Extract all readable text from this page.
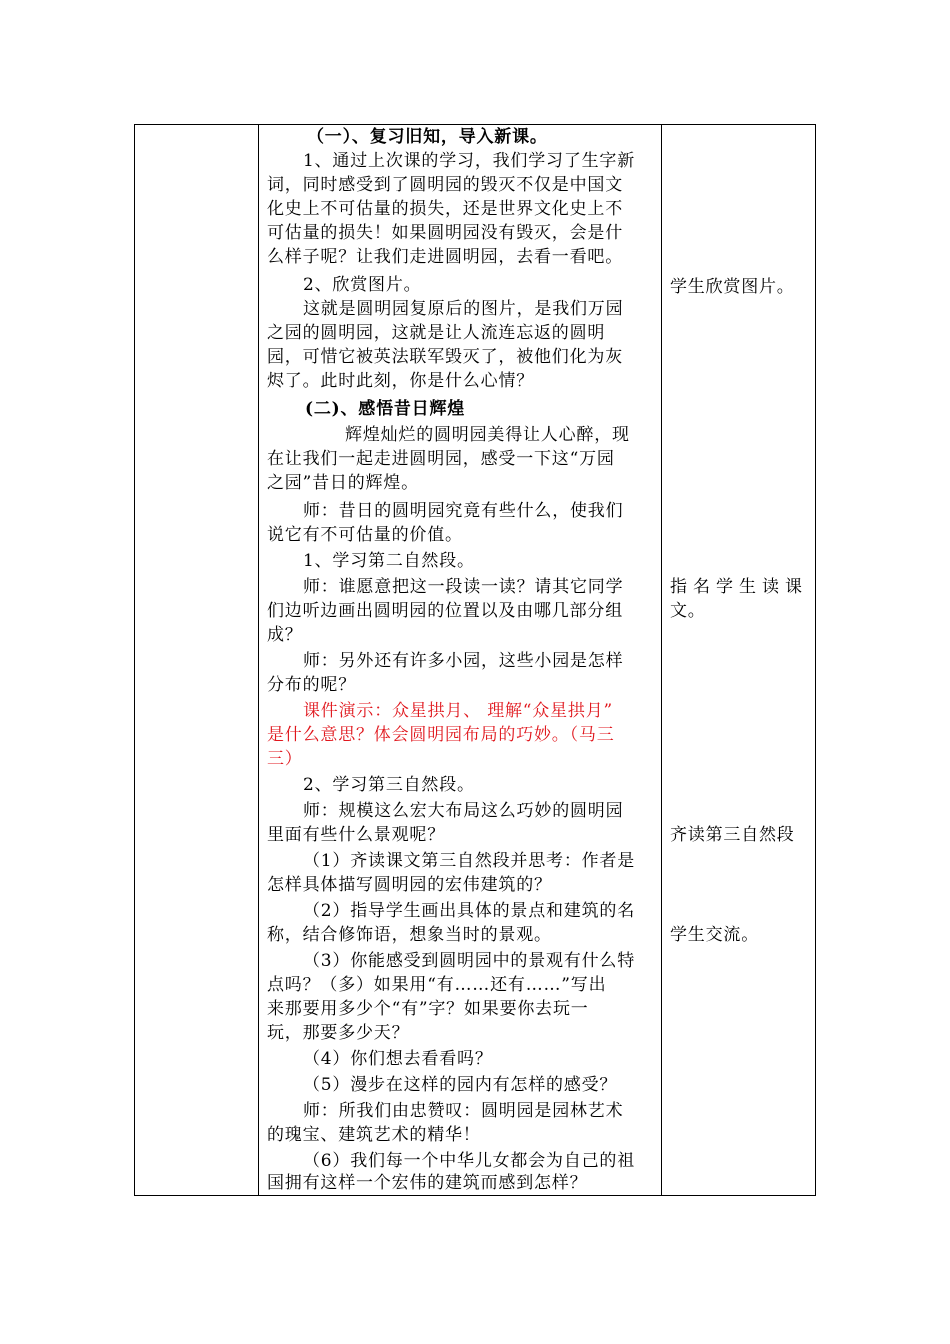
（一）、复习旧知，导入新课。
1、通过上次课的学习，我们学习了生字新
词，同时感受到了圆明园的毁灭不仅是中国文
化史上不可估量的损失，还是世界文化史上不
可估量的损失！如果圆明园没有毁灭，会是什
么样子呢？让我们走进圆明园，去看一看吧。
2、欣赏图片。
这就是圆明园复原后的图片，是我们万园
之园的圆明园，这就是让人流连忘返的圆明
园，可惜它被英法联军毁灭了，被他们化为灰
烬了。此时此刻，你是什么心情？
(二)、感悟昔日辉煌
辉煌灿烂的圆明园美得让人心醉，现
在让我们一起走进圆明园，感受一下这“万园
之园”昔日的辉煌。
师：昔日的圆明园究竟有些什么，使我们
说它有不可估量的价值。
1、学习第二自然段。
师：谁愿意把这一段读一读？请其它同学
们边听边画出圆明园的位置以及由哪几部分组
成？
师：另外还有许多小园，这些小园是怎样
分布的呢？
课件演示：众星拱月、 理解“众星拱月”
是什么意思？体会圆明园布局的巧妙。（马三
三）
2、学习第三自然段。
师：规模这么宏大布局这么巧妙的圆明园
里面有些什么景观呢？
（1）齐读课文第三自然段并思考：作者是
怎样具体描写圆明园的宏伟建筑的？
（2）指导学生画出具体的景点和建筑的名
称，结合修饰语，想象当时的景观。
（3）你能感受到圆明园中的景观有什么特
点吗？（多）如果用“有……还有……”写出
来那要用多少个“有”字？如果要你去玩一
玩，那要多少天？
（4）你们想去看看吗？
（5）漫步在这样的园内有怎样的感受？
师：所我们由忠赞叹：圆明园是园林艺术
的瑰宝、建筑艺术的精华！
（6）我们每一个中华儿女都会为自己的祖
国拥有这样一个宏伟的建筑而感到怎样？
学生欣赏图片。
指名学生读课
文。
齐读第三自然段
学生交流。
